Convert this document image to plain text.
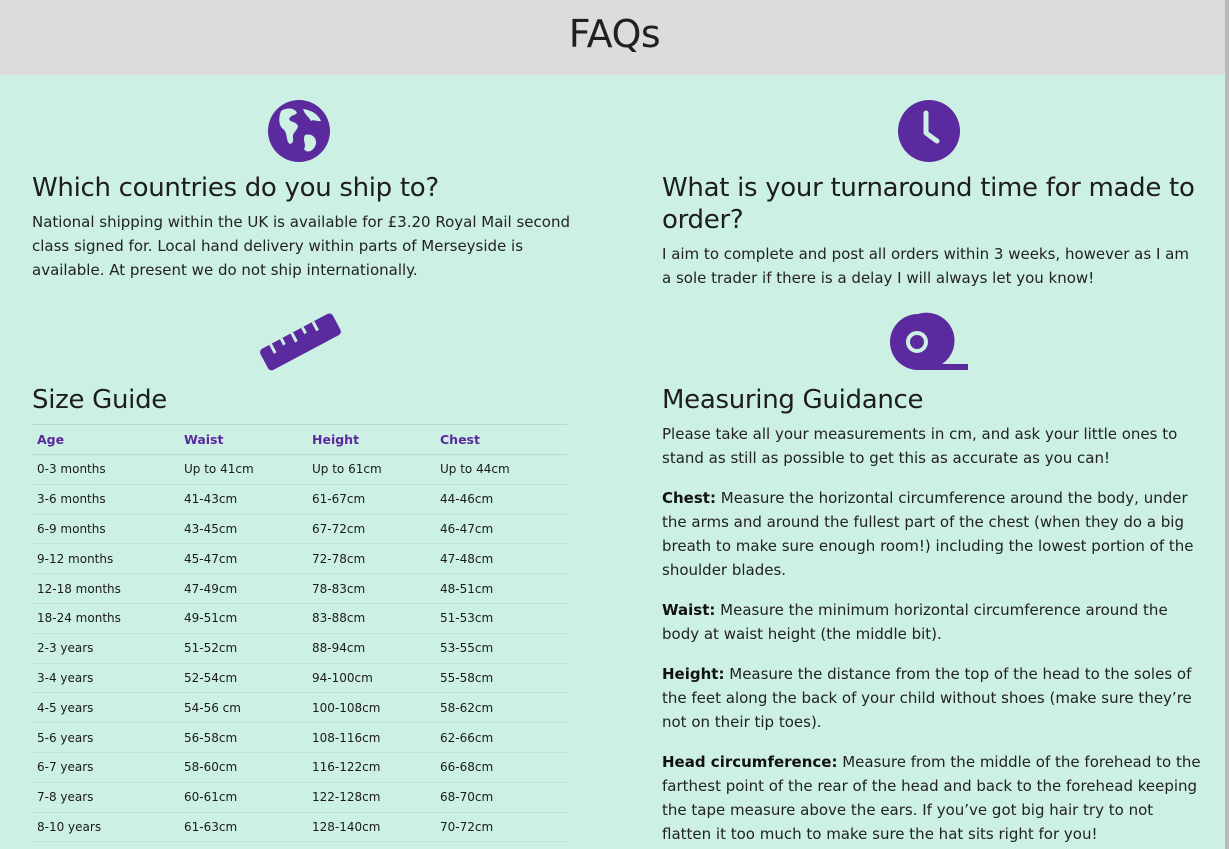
FAQs
Which countries do you ship to?

National shipping within the UK is available for £3.20 Royal Mail second class signed for. Local hand delivery within parts of Merseyside is available. At present we do not ship internationally.

What is your turnaround time for made to order?

I aim to complete and post all orders within 3 weeks, however as I am a sole trader if there is a delay I will always let you know!

Size Guide
Age	Waist	Height	Chest
0-3 months	Up to 41cm	Up to 61cm	Up to 44cm
3-6 months	41-43cm	61-67cm	44-46cm
6-9 months	43-45cm	67-72cm	46-47cm
9-12 months	45-47cm	72-78cm	47-48cm
12-18 months	47-49cm	78-83cm	48-51cm
18-24 months	49-51cm	83-88cm	51-53cm
2-3 years	51-52cm	88-94cm	53-55cm
3-4 years	52-54cm	94-100cm	55-58cm
4-5 years	54-56 cm	100-108cm	58-62cm
5-6 years	56-58cm	108-116cm	62-66cm
6-7 years	58-60cm	116-122cm	66-68cm
7-8 years	60-61cm	122-128cm	68-70cm
8-10 years	61-63cm	128-140cm	70-72cm
Measuring Guidance

Please take all your measurements in cm, and ask your little ones to stand as still as possible to get this as accurate as you can!

Chest: Measure the horizontal circumference around the body, under the arms and around the fullest part of the chest (when they do a big breath to make sure enough room!) including the lowest portion of the shoulder blades.

Waist: Measure the minimum horizontal circumference around the body at waist height (the middle bit).

Height: Measure the distance from the top of the head to the soles of the feet along the back of your child without shoes (make sure they’re not on their tip toes).

Head circumference: Measure from the middle of the forehead to the farthest point of the rear of the head and back to the forehead keeping the tape measure above the ears. If you’ve got big hair try to not flatten it too much to make sure the hat sits right for you!
